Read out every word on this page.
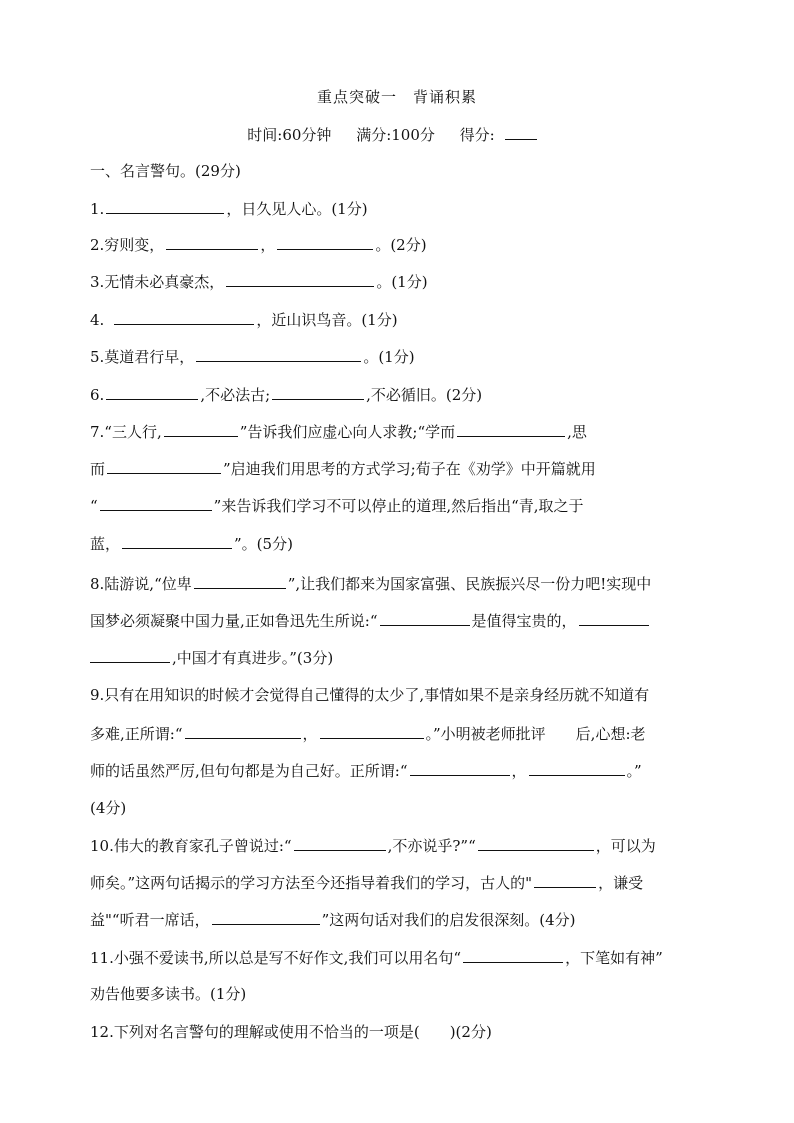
重点突破一　背诵积累
时间:60分钟 满分:100分 得分:
一、名言警句。(29分)
1.	，日久见人心。(1分)
2.穷则变，	，	。(2分)
3.无情未必真豪杰，	。(1分)
4.	，近山识鸟音。(1分)
5.莫道君行早，	。(1分)
6.	,不必法古;	,不必循旧。(2分)
7.“三人行,	”告诉我们应虚心向人求教;“学而	,思
而	”启迪我们用思考的方式学习;荀子在《劝学》中开篇就用
“	”来告诉我们学习不可以停止的道理,然后指出“青,取之于
蓝，	”。(5分)
8.陆游说,“位卑	”,让我们都来为国家富强、民族振兴尽一份力吧!实现中
国梦必须凝聚中国力量,正如鲁迅先生所说:“	是值得宝贵的，
,中国才有真进步。”(3分)
9.只有在用知识的时候才会觉得自己懂得的太少了,事情如果不是亲身经历就不知道有
多难,正所谓:“	，	。”小明被老师批评　　后,心想:老
师的话虽然严厉,但句句都是为自己好。正所谓:“	，	。”
(4分)
10.伟大的教育家孔子曾说过:“	,不亦说乎?”“	，可以为
师矣。”这两句话揭示的学习方法至今还指导着我们的学习，古人的"	，谦受
益"“听君一席话，	”这两句话对我们的启发很深刻。(4分)
11.小强不爱读书,所以总是写不好作文,我们可以用名句“	，下笔如有神”
劝告他要多读书。(1分)
12.下列对名言警句的理解或使用不恰当的一项是(　　)(2分)
